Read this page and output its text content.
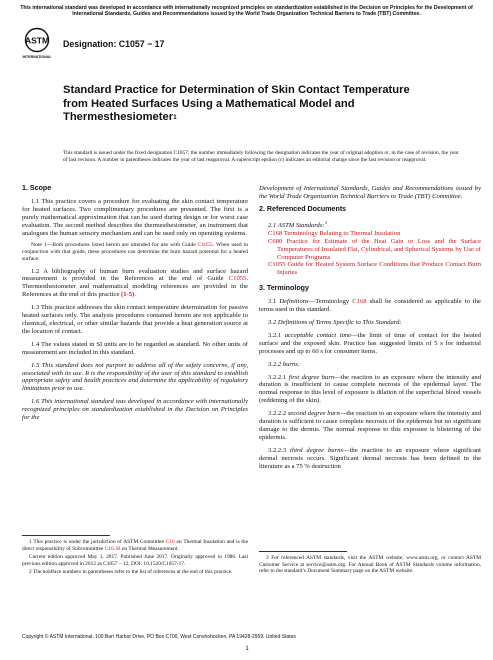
This international standard was developed in accordance with internationally recognized principles on standardization established in the Decision on Principles for the Development of International Standards, Guides and Recommendations issued by the World Trade Organization Technical Barriers to Trade (TBT) Committee.
ASTM
INTERNATIONAL
Designation: C1057 − 17
Standard Practice for Determination of Skin Contact Temperature from Heated Surfaces Using a Mathematical Model and Thermesthesiometer$^1$
This standard is issued under the fixed designation C1057; the number immediately following the designation indicates the year of original adoption or, in the case of revision, the year of last revision. A number in parentheses indicates the year of last reapproval. A superscript epsilon (ε) indicates an editorial change since the last revision or reapproval.
1. Scope

1.1 This practice covers a procedure for evaluating the skin contact temperature for heated surfaces. Two complimentary procedures are presented. The first is a purely mathematical approximation that can be used during design or for worst case evaluation. The second method describes the thermesthesiometer, an instrument that analogues the human sensory mechanism and can be used only on operating systems.

Note 1—Both procedures listed herein are intended for use with Guide C1055. When used in conjunction with that guide, these procedures can determine the burn hazard potential for a heated surface.

1.2 A bibliography of human burn evaluation studies and surface hazard measurement is provided in the References at the end of Guide C1055. Thermesthesiometer and mathematical modeling references are provided in the References at the end of this practice (1-5).

1.3 This practice addresses the skin contact temperature determination for passive heated surfaces only. The analysis procedures contained herein are not applicable to chemical, electrical, or other similar hazards that provide a heat generation source at the location of contact.

1.4 The values stated in SI units are to be regarded as standard. No other units of measurement are included in this standard.

1.5 This standard does not purport to address all of the safety concerns, if any, associated with its use. It is the responsibility of the user of this standard to establish appropriate safety and health practices and determine the applicability of regulatory limitations prior to use.

1.6 This international standard was developed in accordance with internationally recognized principles on standardization established in the Decision on Principles for the

1 This practice is under the jurisdiction of ASTM Committee C16 on Thermal Insulation and is the direct responsibility of Subcommittee C16.30 on Thermal Measurement.

Current edition approved May 1, 2017. Published June 2017. Originally approved in 1986. Last previous edition approved in 2012 as C1057 – 12. DOI: 10.1520/C1057-17.

2 The boldface numbers in parentheses refer to the list of references at the end of this practice.

Development of International Standards, Guides and Recommendations issued by the World Trade Organization Technical Barriers to Trade (TBT) Committee.

2. Referenced Documents

2.1 ASTM Standards:$^3$

C168 Terminology Relating to Thermal Insulation

C680 Practice for Estimate of the Heat Gain or Loss and the Surface Temperatures of Insulated Flat, Cylindrical, and Spherical Systems by Use of Computer Programs

C1055 Guide for Heated System Surface Conditions that Produce Contact Burn Injuries

3. Terminology

3.1 Definitions—Terminology C168 shall be considered as applicable to the terms used in this standard.

3.2 Definitions of Terms Specific to This Standard:

3.2.1 acceptable contact time—the limit of time of contact for the heated surface and the exposed skin. Practice has suggested limits of 5 s for industrial processes and up to 60 s for consumer items.

3.2.2 burns:

3.2.2.1 first degree burn—the reaction to an exposure where the intensity and duration is insufficient to cause complete necrosis of the epidermal layer. The normal response to this level of exposure is dilation of the superficial blood vessels (reddening of the skin).

3.2.2.2 second degree burn—the reaction to an exposure where the intensity and duration is sufficient to cause complete necrosis of the epidermis but no significant damage to the dermis. The normal response to this exposure is blistering of the epidermis.

3.2.2.3 third degree burns—the reaction to an exposure where significant dermal necrosis occurs. Significant dermal necrosis has been defined in the literature as a 75 % destruction

3 For referenced ASTM standards, visit the ASTM website, www.astm.org, or contact ASTM Customer Service at service@astm.org. For Annual Book of ASTM Standards volume information, refer to the standard’s Document Summary page on the ASTM website.

Copyright © ASTM International, 100 Barr Harbor Drive, PO Box C700, West Conshohocken, PA 19428-2959. United States
1
